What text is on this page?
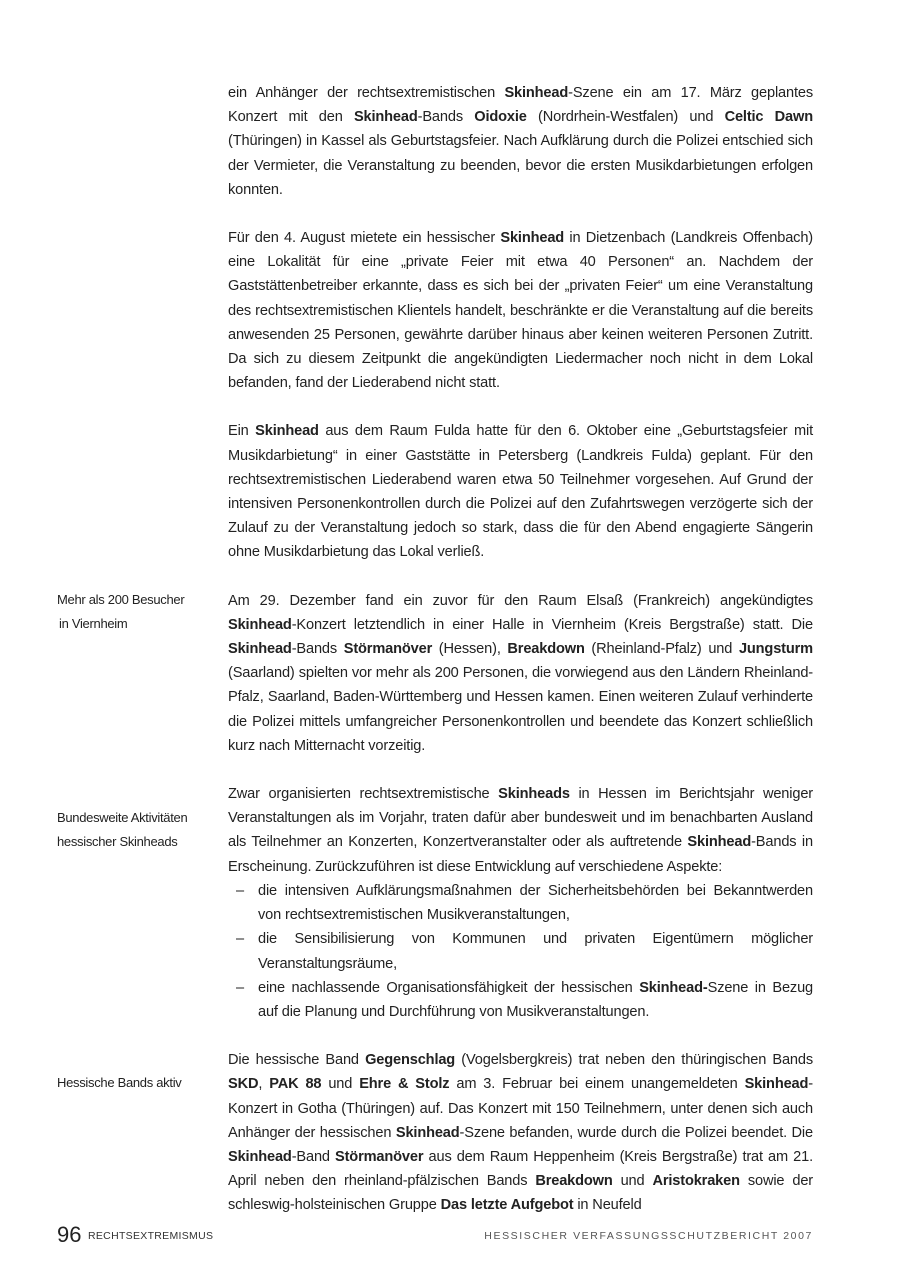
Mehr als 200 Besucher
in Viernheim
Bundesweite Aktivitäten
hessischer Skinheads
Hessische Bands aktiv

ein Anhänger der rechtsextremistischen Skinhead-Szene ein am 17. März geplantes Konzert mit den Skinhead-Bands Oidoxie (Nordrhein-Westfalen) und Celtic Dawn (Thüringen) in Kassel als Geburtstagsfeier. Nach Aufklärung durch die Polizei entschied sich der Vermieter, die Veranstaltung zu beenden, bevor die ersten Musikdarbietungen erfolgen konnten.

Für den 4. August mietete ein hessischer Skinhead in Dietzenbach (Landkreis Offenbach) eine Lokalität für eine „private Feier mit etwa 40 Personen“ an. Nachdem der Gaststättenbetreiber erkannte, dass es sich bei der „privaten Feier“ um eine Veranstaltung des rechtsextremistischen Klientels handelt, beschränkte er die Veranstaltung auf die bereits anwesenden 25 Personen, gewährte darüber hinaus aber keinen weiteren Personen Zutritt. Da sich zu diesem Zeitpunkt die angekündigten Liedermacher noch nicht in dem Lokal befanden, fand der Liederabend nicht statt.

Ein Skinhead aus dem Raum Fulda hatte für den 6. Oktober eine „Geburtstagsfeier mit Musikdarbietung“ in einer Gaststätte in Petersberg (Landkreis Fulda) geplant. Für den rechtsextremistischen Liederabend waren etwa 50 Teilnehmer vorgesehen. Auf Grund der intensiven Personenkontrollen durch die Polizei auf den Zufahrtswegen verzögerte sich der Zulauf zu der Veranstaltung jedoch so stark, dass die für den Abend engagierte Sängerin ohne Musikdarbietung das Lokal verließ.

Am 29. Dezember fand ein zuvor für den Raum Elsaß (Frankreich) angekündigtes Skinhead-Konzert letztendlich in einer Halle in Viernheim (Kreis Bergstraße) statt. Die Skinhead-Bands Störmanöver (Hessen), Breakdown (Rheinland-Pfalz) und Jungsturm (Saarland) spielten vor mehr als 200 Personen, die vorwiegend aus den Ländern Rheinland-Pfalz, Saarland, Baden-Württemberg und Hessen kamen. Einen weiteren Zulauf verhinderte die Polizei mittels umfangreicher Personenkontrollen und beendete das Konzert schließlich kurz nach Mitternacht vorzeitig.

Zwar organisierten rechtsextremistische Skinheads in Hessen im Berichtsjahr weniger Veranstaltungen als im Vorjahr, traten dafür aber bundesweit und im benachbarten Ausland als Teilnehmer an Konzerten, Konzertveranstalter oder als auftretende Skinhead-Bands in Erscheinung. Zurückzuführen ist diese Entwicklung auf verschiedene Aspekte:
– die intensiven Aufklärungsmaßnahmen der Sicherheitsbehörden bei Bekanntwerden von rechtsextremistischen Musikveranstaltungen,
– die Sensibilisierung von Kommunen und privaten Eigentümern möglicher Veranstaltungsräume,
– eine nachlassende Organisationsfähigkeit der hessischen Skinhead-Szene in Bezug auf die Planung und Durchführung von Musikveranstaltungen.

Die hessische Band Gegenschlag (Vogelsbergkreis) trat neben den thüringischen Bands SKD, PAK 88 und Ehre & Stolz am 3. Februar bei einem unangemeldeten Skinhead-Konzert in Gotha (Thüringen) auf. Das Konzert mit 150 Teilnehmern, unter denen sich auch Anhänger der hessischen Skinhead-Szene befanden, wurde durch die Polizei beendet. Die Skinhead-Band Störmanöver aus dem Raum Heppenheim (Kreis Bergstraße) trat am 21. April neben den rheinland-pfälzischen Bands Breakdown und Aristokraken sowie der schleswig-holsteinischen Gruppe Das letzte Aufgebot in Neufeld

96 RECHTSEXTREMISMUS	HESSISCHER VERFASSUNGSSCHUTZBERICHT 2007
